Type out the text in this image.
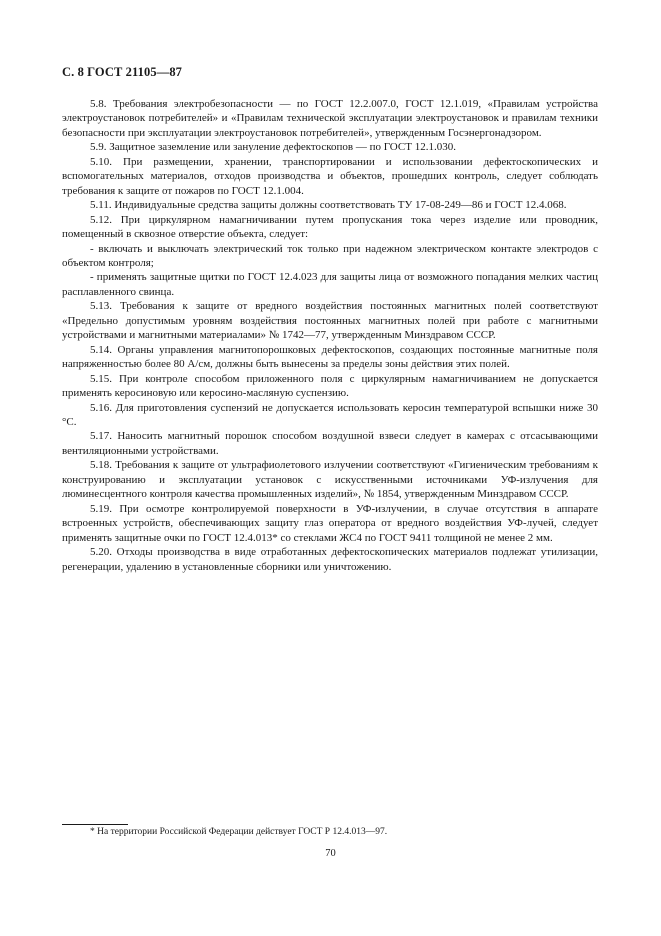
С. 8 ГОСТ 21105—87

5.8. Требования электробезопасности — по ГОСТ 12.2.007.0, ГОСТ 12.1.019, «Правилам устройства электроустановок потребителей» и «Правилам технической эксплуатации электроустановок и правилам техники безопасности при эксплуатации электроустановок потребителей», утвержденным Госэнергонадзором.

5.9. Защитное заземление или зануление дефектоскопов — по ГОСТ 12.1.030.

5.10. При размещении, хранении, транспортировании и использовании дефектоскопических и вспомогательных материалов, отходов производства и объектов, прошедших контроль, следует соблюдать требования к защите от пожаров по ГОСТ 12.1.004.

5.11. Индивидуальные средства защиты должны соответствовать ТУ 17-08-249—86 и ГОСТ 12.4.068.

5.12. При циркулярном намагничивании путем пропускания тока через изделие или проводник, помещенный в сквозное отверстие объекта, следует:

- включать и выключать электрический ток только при надежном электрическом контакте электродов с объектом контроля;

- применять защитные щитки по ГОСТ 12.4.023 для защиты лица от возможного попадания мелких частиц расплавленного свинца.

5.13. Требования к защите от вредного воздействия постоянных магнитных полей соответствуют «Предельно допустимым уровням воздействия постоянных магнитных полей при работе с магнитными устройствами и магнитными материалами» № 1742—77, утвержденным Минздравом СССР.

5.14. Органы управления магнитопорошковых дефектоскопов, создающих постоянные магнитные поля напряженностью более 80 А/см, должны быть вынесены за пределы зоны действия этих полей.

5.15. При контроле способом приложенного поля с циркулярным намагничиванием не допускается применять керосиновую или керосино-масляную суспензию.

5.16. Для приготовления суспензий не допускается использовать керосин температурой вспышки ниже 30 °С.

5.17. Наносить магнитный порошок способом воздушной взвеси следует в камерах с отсасывающими вентиляционными устройствами.

5.18. Требования к защите от ультрафиолетового излучении соответствуют «Гигиеническим требованиям к конструированию и эксплуатации установок с искусственными источниками УФ-излучения для люминесцентного контроля качества промышленных изделий», № 1854, утвержденным Минздравом СССР.

5.19. При осмотре контролируемой поверхности в УФ-излучении, в случае отсутствия в аппарате встроенных устройств, обеспечивающих защиту глаз оператора от вредного воздействия УФ-лучей, следует применять защитные очки по ГОСТ 12.4.013* со стеклами ЖС4 по ГОСТ 9411 толщиной не менее 2 мм.

5.20. Отходы производства в виде отработанных дефектоскопических материалов подлежат утилизации, регенерации, удалению в установленные сборники или уничтожению.

* На территории Российской Федерации действует ГОСТ Р 12.4.013—97.
70
